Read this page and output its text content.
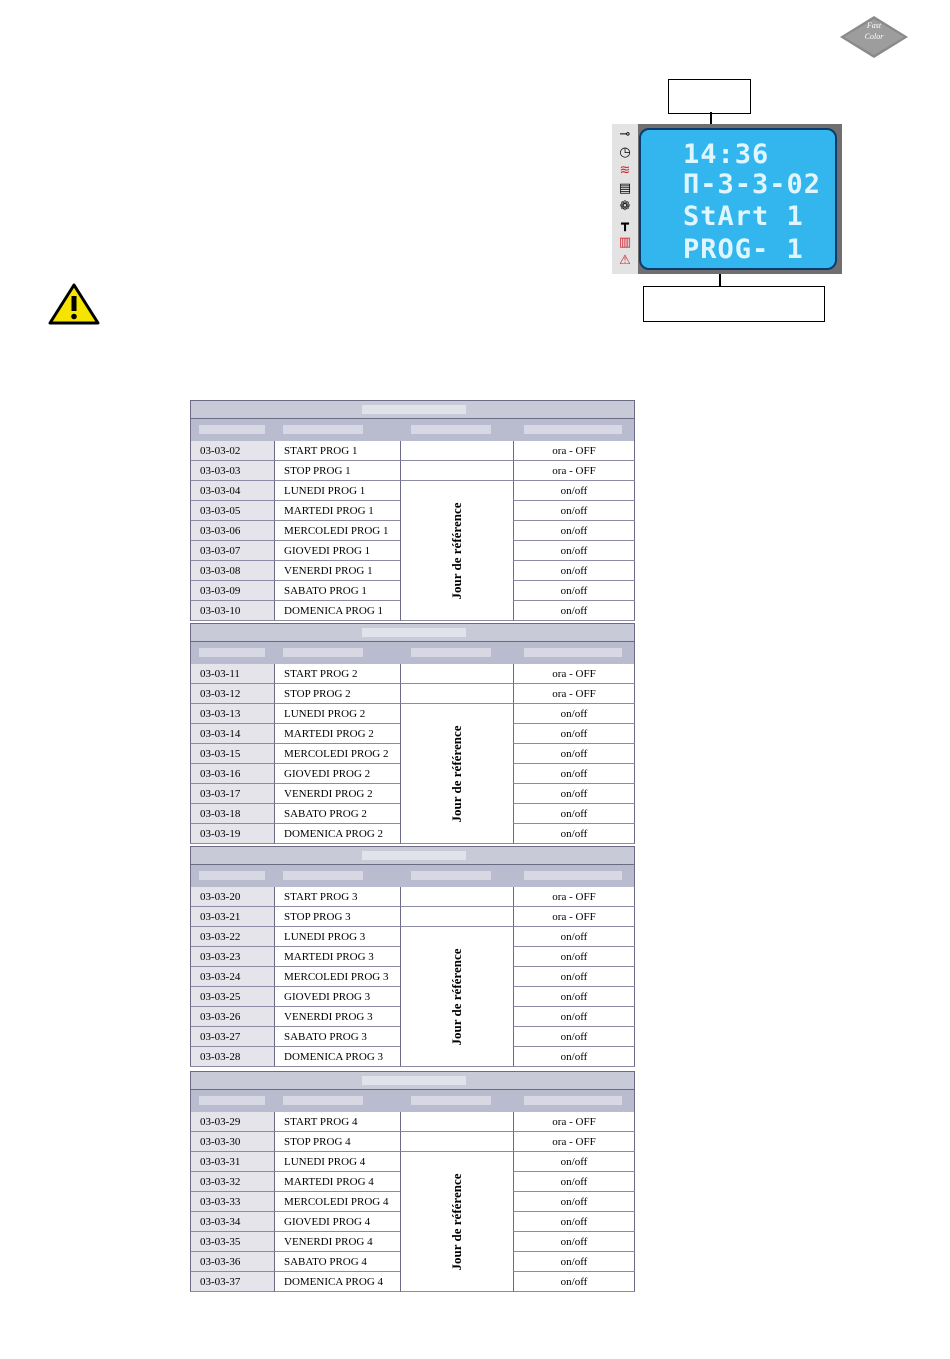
Fast
Color
⊸
◷
≋
▤
❁
┳
▥
⚠
14:36
П-3-3-02
StArt 1
PROG- 1
03-03-02	START PROG 1	ora - OFF
03-03-03	STOP PROG 1	ora - OFF
03-03-04	LUNEDI PROG 1	on/off
03-03-05	MARTEDI PROG 1	on/off
03-03-06	MERCOLEDI PROG 1	on/off
03-03-07	GIOVEDI PROG 1	on/off
03-03-08	VENERDI PROG 1	on/off
03-03-09	SABATO PROG 1	on/off
03-03-10	DOMENICA PROG 1	on/off
Jour de référence
03-03-11	START PROG 2	ora - OFF
03-03-12	STOP PROG 2	ora - OFF
03-03-13	LUNEDI PROG 2	on/off
03-03-14	MARTEDI PROG 2	on/off
03-03-15	MERCOLEDI PROG 2	on/off
03-03-16	GIOVEDI PROG 2	on/off
03-03-17	VENERDI PROG 2	on/off
03-03-18	SABATO PROG 2	on/off
03-03-19	DOMENICA PROG 2	on/off
Jour de référence
03-03-20	START PROG 3	ora - OFF
03-03-21	STOP PROG 3	ora - OFF
03-03-22	LUNEDI PROG 3	on/off
03-03-23	MARTEDI PROG 3	on/off
03-03-24	MERCOLEDI PROG 3	on/off
03-03-25	GIOVEDI PROG 3	on/off
03-03-26	VENERDI PROG 3	on/off
03-03-27	SABATO PROG 3	on/off
03-03-28	DOMENICA PROG 3	on/off
Jour de référence
03-03-29	START PROG 4	ora - OFF
03-03-30	STOP PROG 4	ora - OFF
03-03-31	LUNEDI PROG 4	on/off
03-03-32	MARTEDI PROG 4	on/off
03-03-33	MERCOLEDI PROG 4	on/off
03-03-34	GIOVEDI PROG 4	on/off
03-03-35	VENERDI PROG 4	on/off
03-03-36	SABATO PROG 4	on/off
03-03-37	DOMENICA PROG 4	on/off
Jour de référence
